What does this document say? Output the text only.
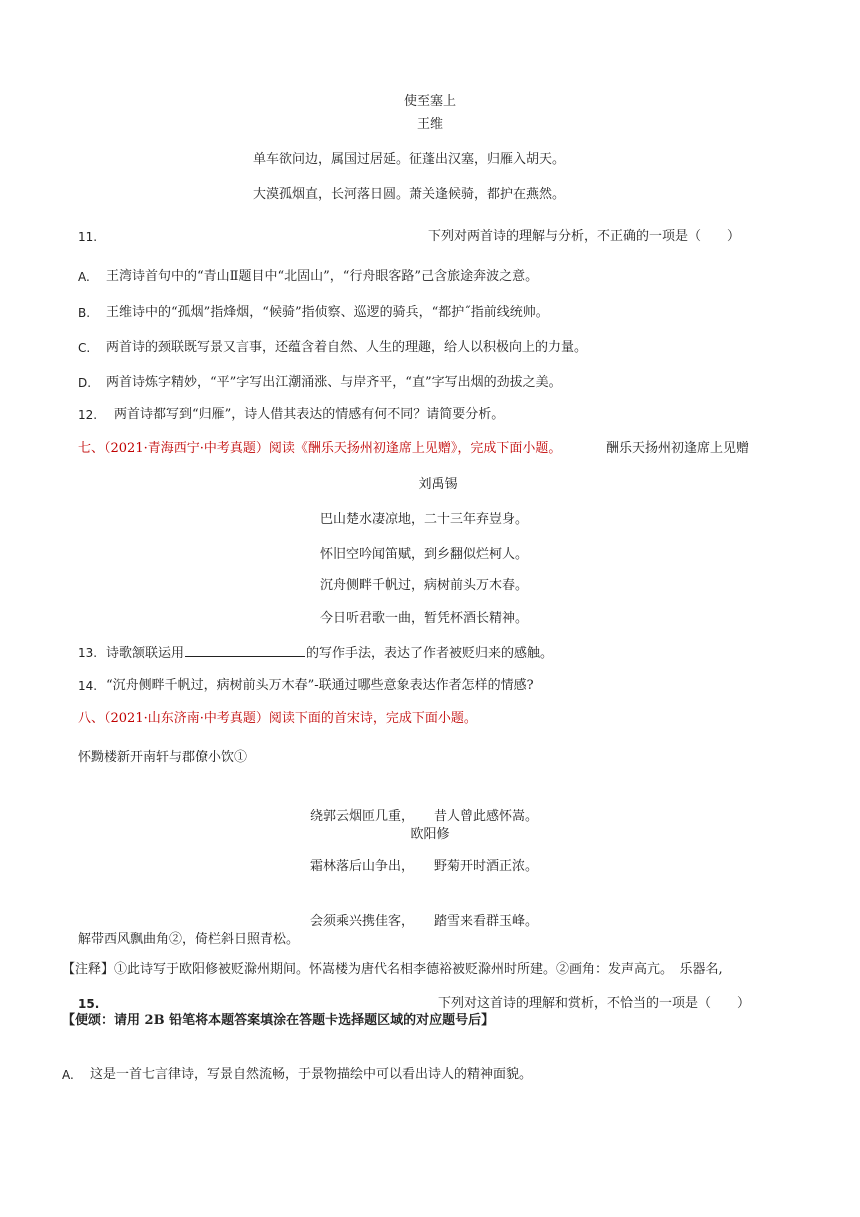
使至塞上
王维
单车欲问边，属国过居延。征蓬出汉塞，归雁入胡天。
大漠孤烟直，长河落日圆。萧关逢候骑，都护在燕然。
11.	下列对两首诗的理解与分析，不正确的一项是（　　）
A. 王湾诗首句中的“青山Ⅱ题目中“北固山”，“行舟眼客路”己含旅途奔波之意。
B. 王维诗中的“孤烟”指烽烟，“候骑”指侦察、巡逻的骑兵，“都护˝指前线统帅。
C. 两首诗的颈联既写景又言事，还蕴含着自然、人生的理趣，给人以积极向上的力量。
D. 两首诗炼字精妙，“平”字写出江潮涌涨、与岸齐平，“直”字写出烟的劲拔之美。
12. 两首诗都写到“归雁”，诗人借其表达的情感有何不同？请简要分析。
七、（2021·青海西宁·中考真题）阅读《酬乐天扬州初逢席上见赠》，完成下面小题。	酬乐天扬州初逢席上见赠
刘禹锡
巴山楚水凄凉地，二十三年弃豈身。
怀旧空吟闻笛赋，到乡翻似烂柯人。
沉舟侧畔千帆过，病树前头万木春。
今日听君歌一曲，暂凭杯酒长精神。
13. 诗歌颔联运用	的写作手法，表达了作者被贬归来的感触。
14. “沉舟侧畔千帆过，病树前头万木春”-联通过哪些意象表达作者怎样的情感?
八、（2021·山东济南·中考真题）阅读下面的首宋诗，完成下面小题。
怀黝楼新开南轩与郡僚小饮①
绕郭云烟匝几重， 昔人曾此感怀嵩。
欧阳修
霜林落后山争出， 野菊开时酒正浓。
会须乘兴携佳客， 踏雪来看群玉峰。
解带西风飘曲角②，倚栏斜日照青松。
【注释】①此诗写于欧阳修被贬滁州期间。怀嵩楼为唐代名相李德裕被贬滁州时所建。②画角：发声高亢。　乐器名,
15.	下列对这首诗的理解和赏析，不恰当的一项是（　　）
【便颂：请用 2B 铅笔将本题答案填涂在答题卡选择题区域的对应题号后】
A. 这是一首七言律诗，写景自然流畅，于景物描绘中可以看出诗人的精神面貌。
